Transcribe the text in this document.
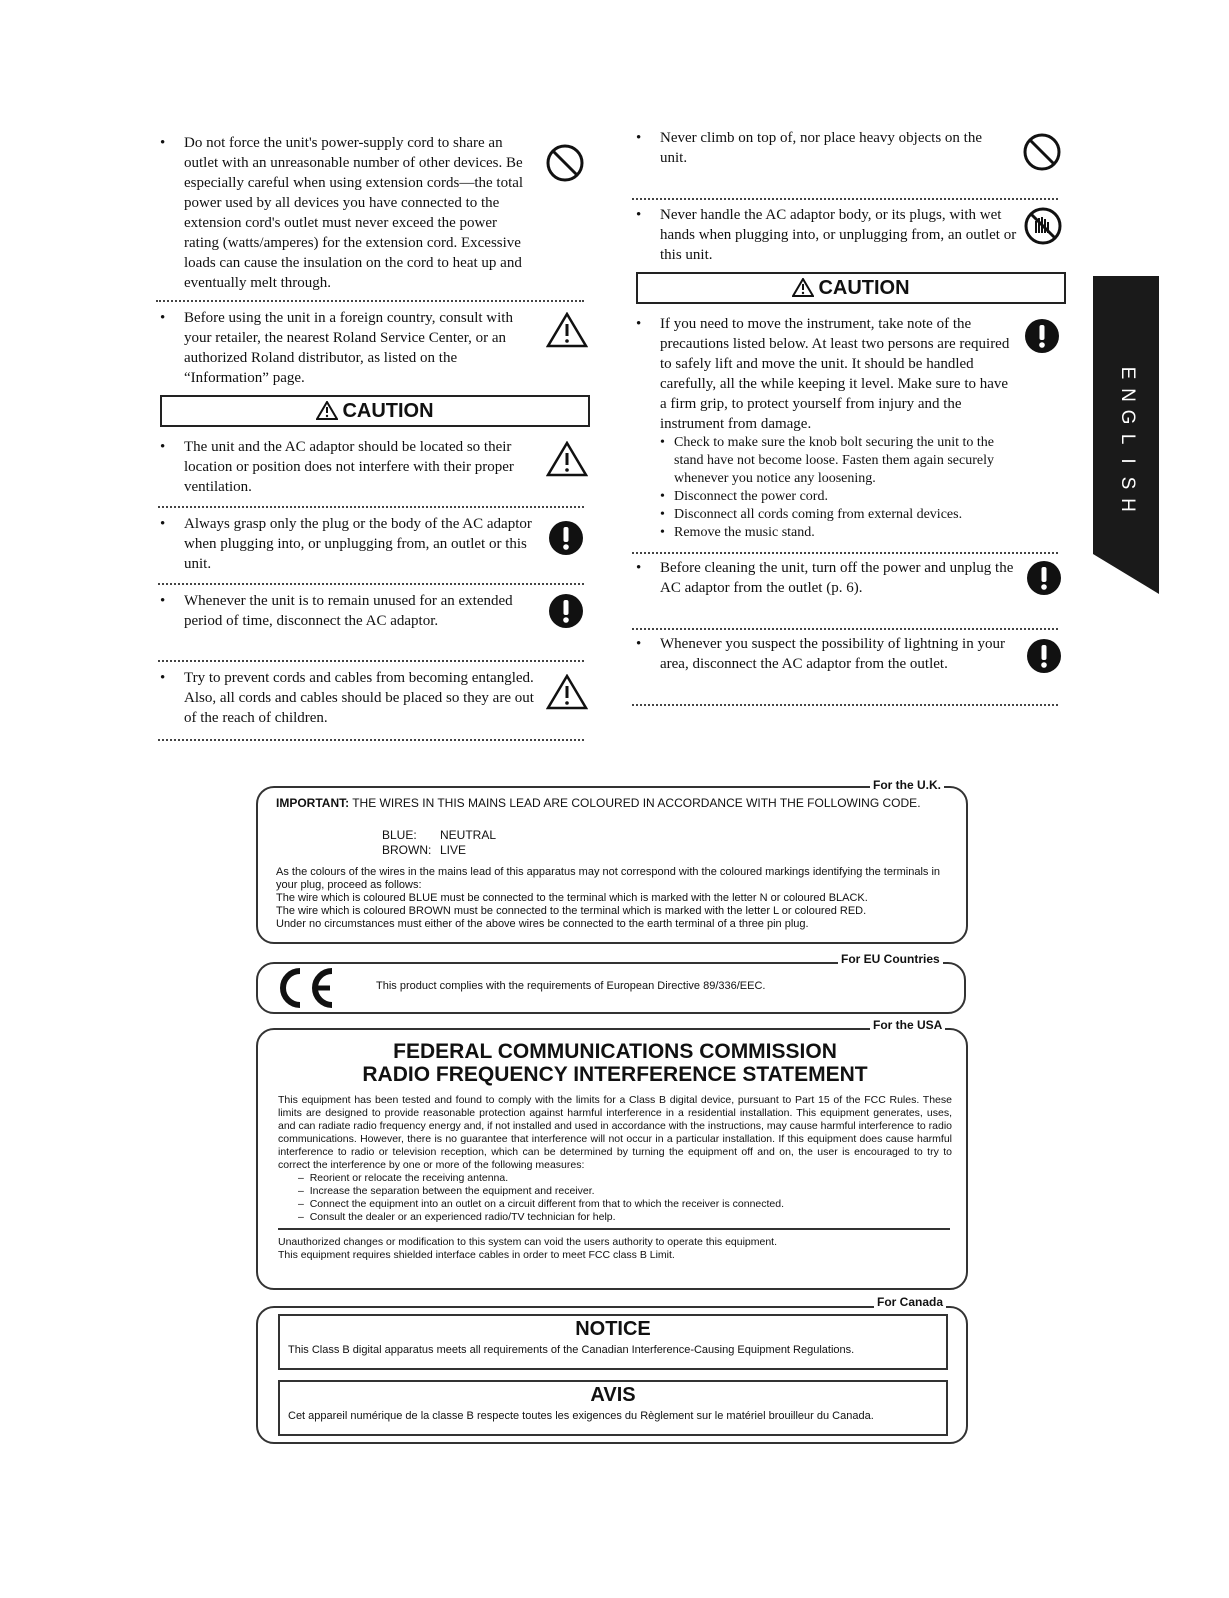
• Do not force the unit's power-supply cord to share an outlet with an unreasonable number of other devices. Be especially careful when using extension cords—the total power used by all devices you have connected to the extension cord's outlet must never exceed the power rating (watts/amperes) for the extension cord. Excessive loads can cause the insulation on the cord to heat up and eventually melt through.

• Before using the unit in a foreign country, consult with your retailer, the nearest Roland Service Center, or an authorized Roland distributor, as listed on the “Information” page.

CAUTION
• The unit and the AC adaptor should be located so their location or position does not interfere with their proper ventilation.

• Always grasp only the plug or the body of the AC adaptor when plugging into, or unplugging from, an outlet or this unit.

• Whenever the unit is to remain unused for an extended period of time, disconnect the AC adaptor.

• Try to prevent cords and cables from becoming entangled. Also, all cords and cables should be placed so they are out of the reach of children.

• Never climb on top of, nor place heavy objects on the unit.

• Never handle the AC adaptor body, or its plugs, with wet hands when plugging into, or unplugging from, an outlet or this unit.

CAUTION
• If you need to move the instrument, take note of the precautions listed below. At least two persons are required to safely lift and move the unit. It should be handled carefully, all the while keeping it level. Make sure to have a firm grip, to protect yourself from injury and the instrument from damage.

• Check to make sure the knob bolt securing the unit to the stand have not become loose. Fasten them again securely whenever you notice any loosening.
• Disconnect the power cord.
• Disconnect all cords coming from external devices.
• Remove the music stand.
• Before cleaning the unit, turn off the power and unplug the AC adaptor from the outlet (p. 6).

• Whenever you suspect the possibility of lightning in your area, disconnect the AC adaptor from the outlet.

E
N
G
L
I
S
H
For the U.K.
IMPORTANT: THE WIRES IN THIS MAINS LEAD ARE COLOURED IN ACCORDANCE WITH THE FOLLOWING CODE.
BLUE: NEUTRAL
BROWN: LIVE
As the colours of the wires in the mains lead of this apparatus may not correspond with the coloured markings identifying the terminals in your plug, proceed as follows:
The wire which is coloured BLUE must be connected to the terminal which is marked with the letter N or coloured BLACK.
The wire which is coloured BROWN must be connected to the terminal which is marked with the letter L or coloured RED.
Under no circumstances must either of the above wires be connected to the earth terminal of a three pin plug.
For EU Countries
This product complies with the requirements of European Directive 89/336/EEC.
For the USA
FEDERAL COMMUNICATIONS COMMISSION
RADIO FREQUENCY INTERFERENCE STATEMENT
This equipment has been tested and found to comply with the limits for a Class B digital device, pursuant to Part 15 of the FCC Rules. These limits are designed to provide reasonable protection against harmful interference in a residential installation. This equipment generates, uses, and can radiate radio frequency energy and, if not installed and used in accordance with the instructions, may cause harmful interference to radio communications. However, there is no guarantee that interference will not occur in a particular installation. If this equipment does cause harmful interference to radio or television reception, which can be determined by turning the equipment off and on, the user is encouraged to try to correct the interference by one or more of the following measures:
–  Reorient or relocate the receiving antenna.
–  Increase the separation between the equipment and receiver.
–  Connect the equipment into an outlet on a circuit different from that to which the receiver is connected.
–  Consult the dealer or an experienced radio/TV technician for help.
Unauthorized changes or modification to this system can void the users authority to operate this equipment.
This equipment requires shielded interface cables in order to meet FCC class B Limit.
For Canada
NOTICE
This Class B digital apparatus meets all requirements of the Canadian Interference-Causing Equipment Regulations.
AVIS
Cet appareil numérique de la classe B respecte toutes les exigences du Règlement sur le matériel brouilleur du Canada.
